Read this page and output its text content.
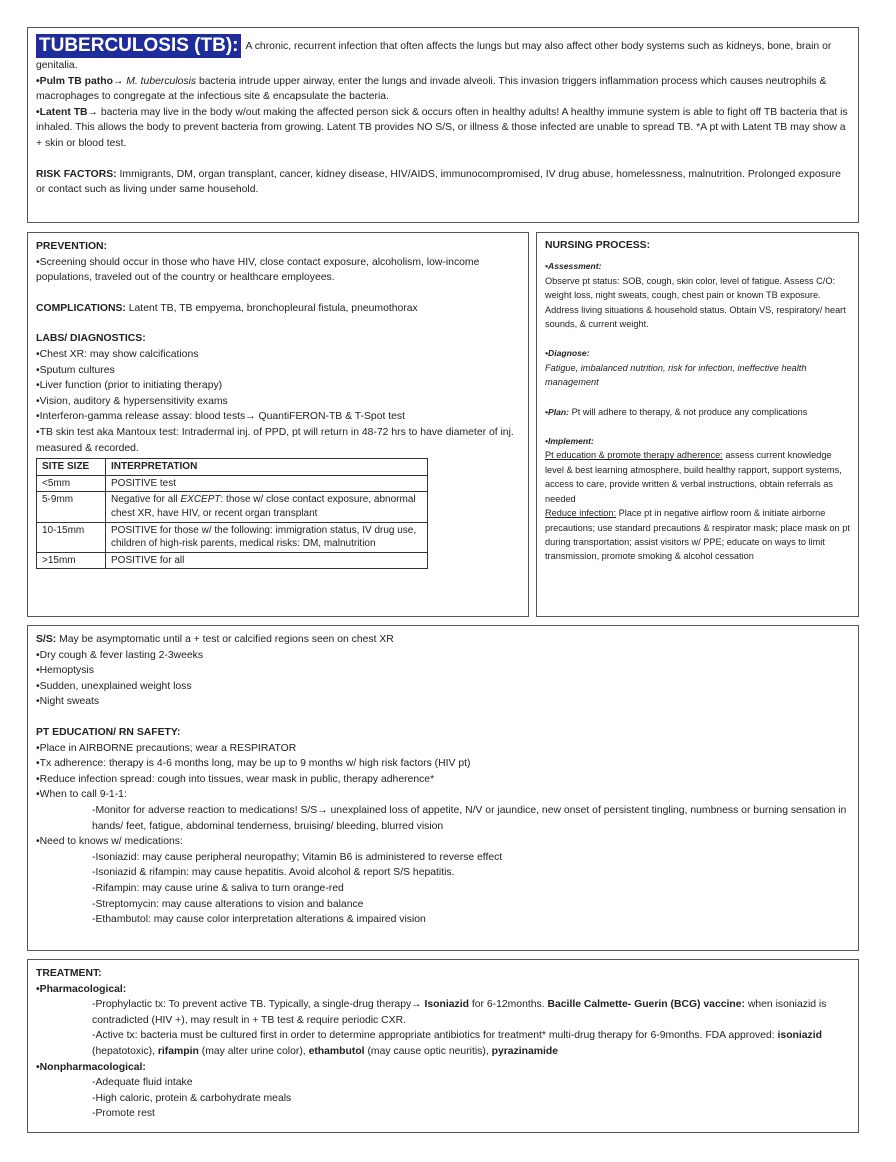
TUBERCULOSIS (TB): A chronic, recurrent infection that often affects the lungs but may also affect other body systems such as kidneys, bone, brain or genitalia.

•Pulm TB patho→ M. tuberculosis bacteria intrude upper airway, enter the lungs and invade alveoli. This invasion triggers inflammation process which causes neutrophils & macrophages to congregate at the infectious site & encapsulate the bacteria.

•Latent TB→ bacteria may live in the body w/out making the affected person sick & occurs often in healthy adults! A healthy immune system is able to fight off TB bacteria that is inhaled. This allows the body to prevent bacteria from growing. Latent TB provides NO S/S, or illness & those infected are unable to spread TB. *A pt with Latent TB may show a + skin or blood test.

RISK FACTORS: Immigrants, DM, organ transplant, cancer, kidney disease, HIV/AIDS, immunocompromised, IV drug abuse, homelessness, malnutrition. Prolonged exposure or contact such as living under same household.

PREVENTION:

•Screening should occur in those who have HIV, close contact exposure, alcoholism, low-income populations, traveled out of the country or healthcare employees.

COMPLICATIONS: Latent TB, TB empyema, bronchopleural fistula, pneumothorax

LABS/ DIAGNOSTICS:

•Chest XR: may show calcifications

•Sputum cultures

•Liver function (prior to initiating therapy)

•Vision, auditory & hypersensitivity exams

•Interferon-gamma release assay: blood tests→ QuantiFERON-TB & T-Spot test

•TB skin test aka Mantoux test: Intradermal inj. of PPD, pt will return in 48-72 hrs to have diameter of inj. measured & recorded.

SITE SIZE	INTERPRETATION
<5mm	POSITIVE test
5-9mm	Negative for all EXCEPT: those w/ close contact exposure, abnormal chest XR, have HIV, or recent organ transplant
10-15mm	POSITIVE for those w/ the following: immigration status, IV drug use, children of high-risk parents, medical risks: DM, malnutrition
>15mm	POSITIVE for all

NURSING PROCESS:

•Assessment:

Observe pt status: SOB, cough, skin color, level of fatigue. Assess C/O: weight loss, night sweats, cough, chest pain or known TB exposure. Address living situations & household status. Obtain VS, respiratory/ heart sounds, & current weight.

•Diagnose:

Fatigue, imbalanced nutrition, risk for infection, ineffective health management

•Plan: Pt will adhere to therapy, & not produce any complications

•Implement:

Pt education & promote therapy adherence: assess current knowledge level & best learning atmosphere, build healthy rapport, support systems, access to care, provide written & verbal instructions, obtain referrals as needed

Reduce infection: Place pt in negative airflow room & initiate airborne precautions; use standard precautions & respirator mask; place mask on pt during transportation; assist visitors w/ PPE; educate on ways to limit transmission, promote smoking & alcohol cessation

S/S: May be asymptomatic until a + test or calcified regions seen on chest XR

•Dry cough & fever lasting 2-3weeks

•Hemoptysis

•Sudden, unexplained weight loss

•Night sweats

PT EDUCATION/ RN SAFETY:

•Place in AIRBORNE precautions; wear a RESPIRATOR

•Tx adherence: therapy is 4-6 months long, may be up to 9 months w/ high risk factors (HIV pt)

•Reduce infection spread: cough into tissues, wear mask in public, therapy adherence*

•When to call 9-1-1:

-Monitor for adverse reaction to medications! S/S→ unexplained loss of appetite, N/V or jaundice, new onset of persistent tingling, numbness or burning sensation in hands/ feet, fatigue, abdominal tenderness, bruising/ bleeding, blurred vision

•Need to knows w/ medications:

-Isoniazid: may cause peripheral neuropathy; Vitamin B6 is administered to reverse effect

-Isoniazid & rifampin: may cause hepatitis. Avoid alcohol & report S/S hepatitis.

-Rifampin: may cause urine & saliva to turn orange-red

-Streptomycin: may cause alterations to vision and balance

-Ethambutol: may cause color interpretation alterations & impaired vision

TREATMENT:

•Pharmacological:

-Prophylactic tx: To prevent active TB. Typically, a single-drug therapy→ Isoniazid for 6-12months. Bacille Calmette- Guerin (BCG) vaccine: when isoniazid is contradicted (HIV +), may result in + TB test & require periodic CXR.

-Active tx: bacteria must be cultured first in order to determine appropriate antibiotics for treatment* multi-drug therapy for 6-9months. FDA approved: isoniazid (hepatotoxic), rifampin (may alter urine color), ethambutol (may cause optic neuritis), pyrazinamide

•Nonpharmacological:

-Adequate fluid intake

-High caloric, protein & carbohydrate meals

-Promote rest
